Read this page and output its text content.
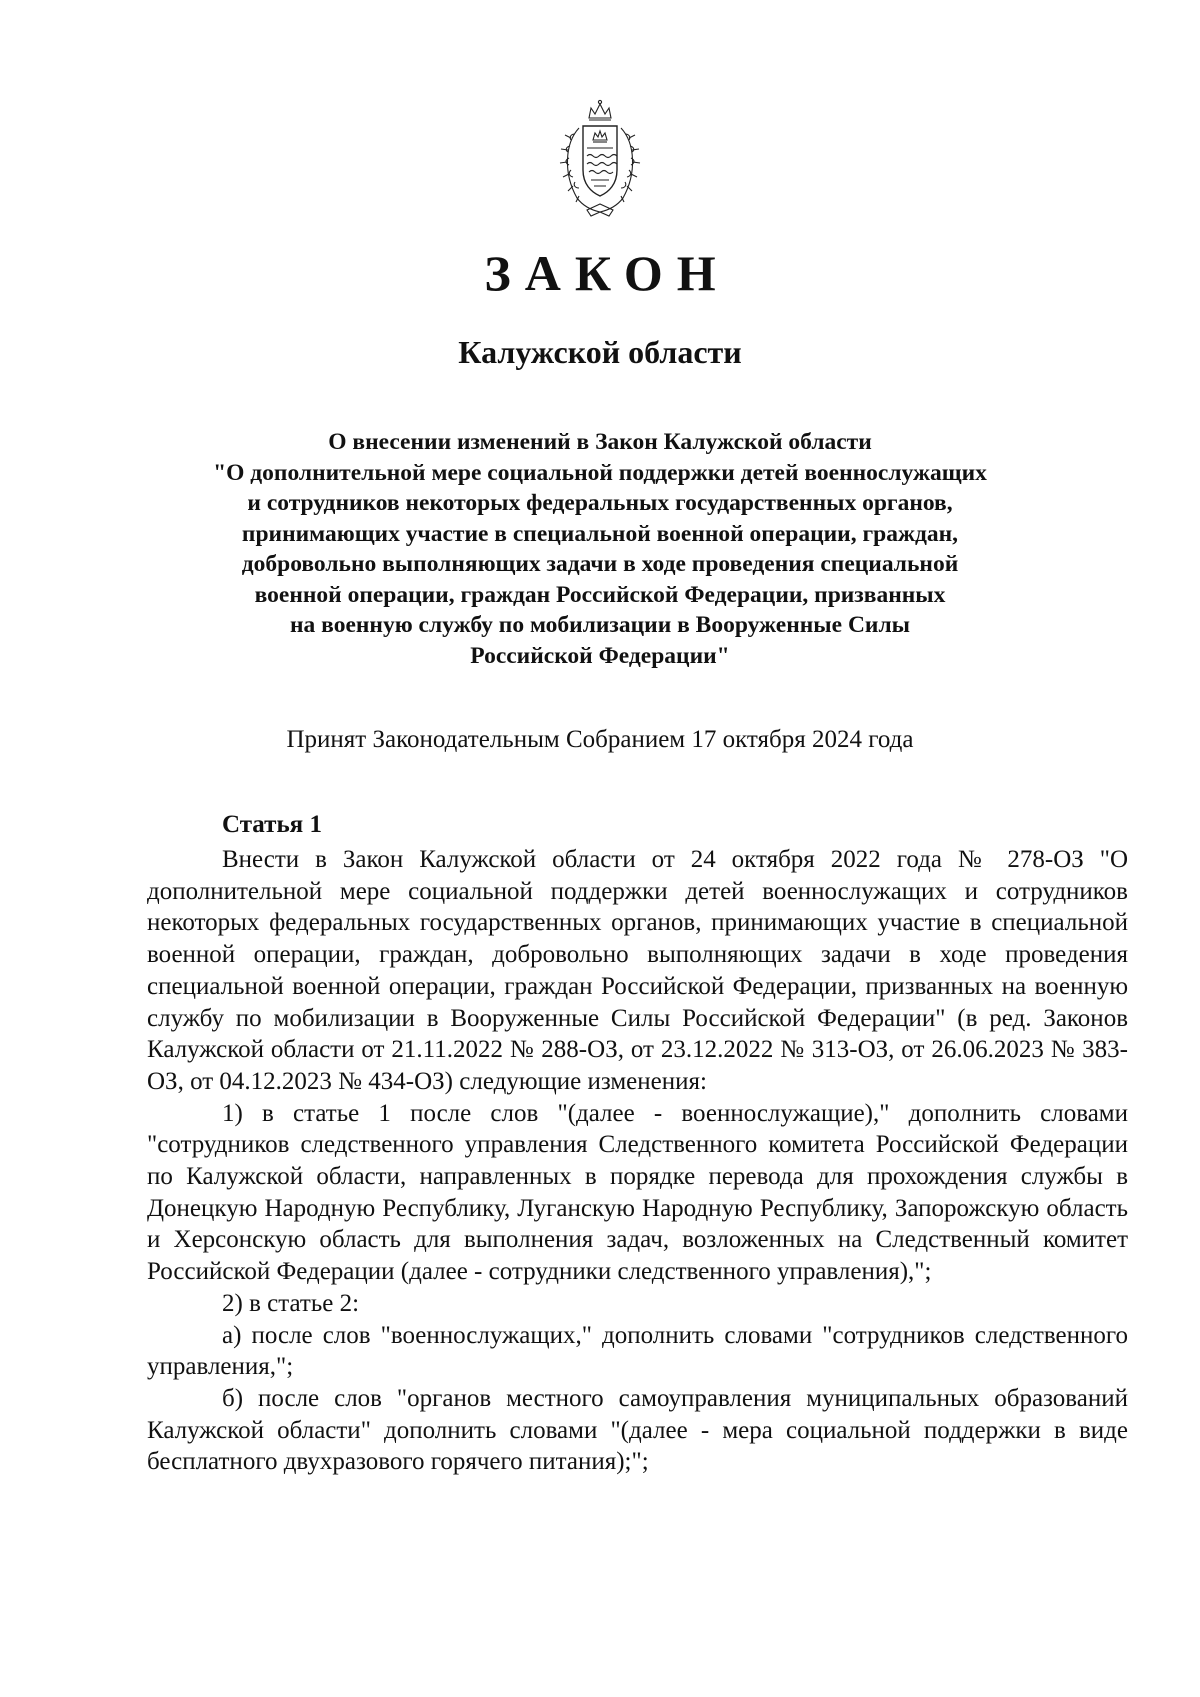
ЗАКОН
Калужской области
О внесении изменений в Закон Калужской области
"О дополнительной мере социальной поддержки детей военнослужащих
и сотрудников некоторых федеральных государственных органов,
принимающих участие в специальной военной операции, граждан,
добровольно выполняющих задачи в ходе проведения специальной
военной операции, граждан Российской Федерации, призванных
на военную службу по мобилизации в Вооруженные Силы
Российской Федерации"
Принят Законодательным Собранием 17 октября 2024 года
Статья 1

Внести в Закон Калужской области от 24 октября 2022 года № 278-ОЗ "О дополнительной мере социальной поддержки детей военнослужащих и сотрудников некоторых федеральных государственных органов, принимающих участие в специальной военной операции, граждан, добровольно выполняющих задачи в ходе проведения специальной военной операции, граждан Российской Федерации, призванных на военную службу по мобилизации в Вооруженные Силы Российской Федерации" (в ред. Законов Калужской области от 21.11.2022 № 288-ОЗ, от 23.12.2022 № 313-ОЗ, от 26.06.2023 № 383-ОЗ, от 04.12.2023 № 434-ОЗ) следующие изменения:

1) в статье 1 после слов "(далее - военнослужащие)," дополнить словами "сотрудников следственного управления Следственного комитета Российской Федерации по Калужской области, направленных в порядке перевода для прохождения службы в Донецкую Народную Республику, Луганскую Народную Республику, Запорожскую область и Херсонскую область для выполнения задач, возложенных на Следственный комитет Российской Федерации (далее - сотрудники следственного управления),";

2) в статье 2:

а) после слов "военнослужащих," дополнить словами "сотрудников следственного управления,";

б) после слов "органов местного самоуправления муниципальных образований Калужской области" дополнить словами "(далее - мера социальной поддержки в виде бесплатного двухразового горячего питания);";
